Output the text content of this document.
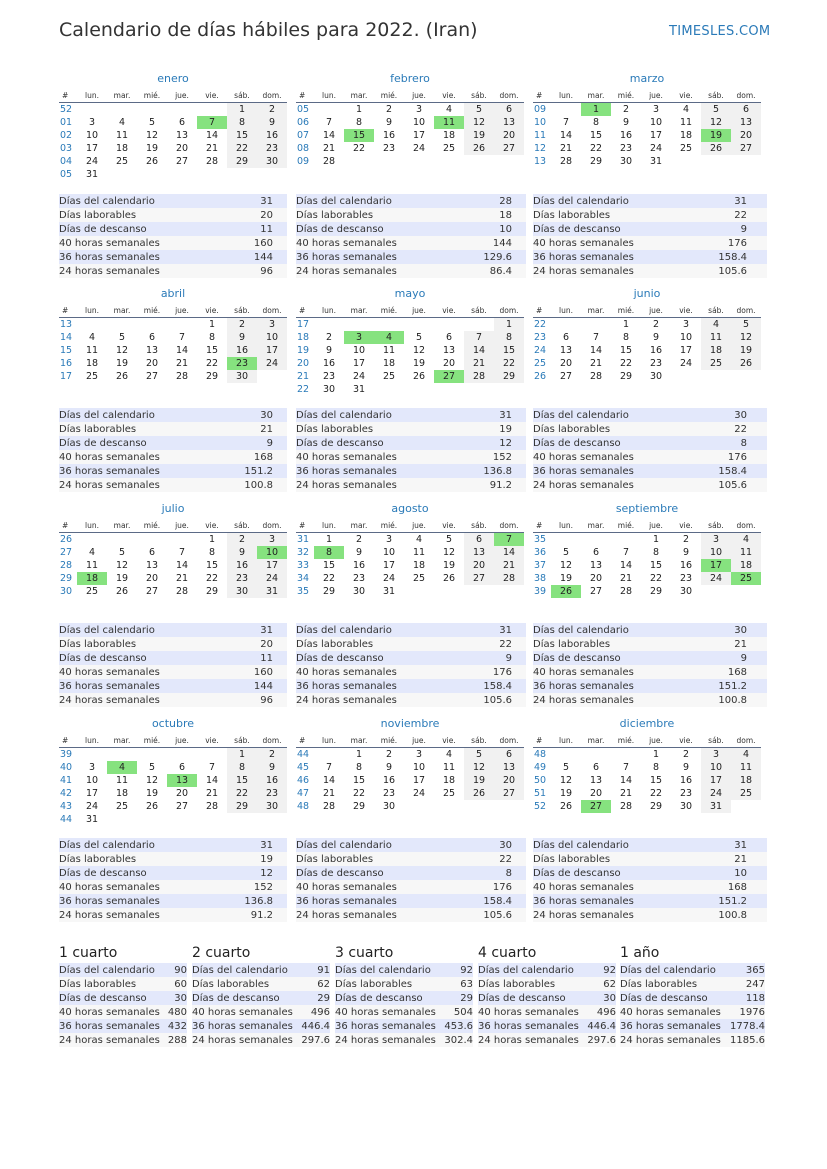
Calendario de días hábiles para 2022. (Iran)	TIMESLES.COM
enero
#	lun.	mar.	mié.	jue.	vie.	sáb.	dom.
52						1	2
01	3	4	5	6	7	8	9
02	10	11	12	13	14	15	16
03	17	18	19	20	21	22	23
04	24	25	26	27	28	29	30
05	31						
Días del calendario	31
Días laborables	20
Días de descanso	11
40 horas semanales	160
36 horas semanales	144
24 horas semanales	96
febrero
#	lun.	mar.	mié.	jue.	vie.	sáb.	dom.
05		1	2	3	4	5	6
06	7	8	9	10	11	12	13
07	14	15	16	17	18	19	20
08	21	22	23	24	25	26	27
09	28						
Días del calendario	28
Días laborables	18
Días de descanso	10
40 horas semanales	144
36 horas semanales	129.6
24 horas semanales	86.4
marzo
#	lun.	mar.	mié.	jue.	vie.	sáb.	dom.
09		1	2	3	4	5	6
10	7	8	9	10	11	12	13
11	14	15	16	17	18	19	20
12	21	22	23	24	25	26	27
13	28	29	30	31			
Días del calendario	31
Días laborables	22
Días de descanso	9
40 horas semanales	176
36 horas semanales	158.4
24 horas semanales	105.6
abril
#	lun.	mar.	mié.	jue.	vie.	sáb.	dom.
13					1	2	3
14	4	5	6	7	8	9	10
15	11	12	13	14	15	16	17
16	18	19	20	21	22	23	24
17	25	26	27	28	29	30	
Días del calendario	30
Días laborables	21
Días de descanso	9
40 horas semanales	168
36 horas semanales	151.2
24 horas semanales	100.8
mayo
#	lun.	mar.	mié.	jue.	vie.	sáb.	dom.
17							1
18	2	3	4	5	6	7	8
19	9	10	11	12	13	14	15
20	16	17	18	19	20	21	22
21	23	24	25	26	27	28	29
22	30	31					
Días del calendario	31
Días laborables	19
Días de descanso	12
40 horas semanales	152
36 horas semanales	136.8
24 horas semanales	91.2
junio
#	lun.	mar.	mié.	jue.	vie.	sáb.	dom.
22			1	2	3	4	5
23	6	7	8	9	10	11	12
24	13	14	15	16	17	18	19
25	20	21	22	23	24	25	26
26	27	28	29	30			
Días del calendario	30
Días laborables	22
Días de descanso	8
40 horas semanales	176
36 horas semanales	158.4
24 horas semanales	105.6
julio
#	lun.	mar.	mié.	jue.	vie.	sáb.	dom.
26					1	2	3
27	4	5	6	7	8	9	10
28	11	12	13	14	15	16	17
29	18	19	20	21	22	23	24
30	25	26	27	28	29	30	31
Días del calendario	31
Días laborables	20
Días de descanso	11
40 horas semanales	160
36 horas semanales	144
24 horas semanales	96
agosto
#	lun.	mar.	mié.	jue.	vie.	sáb.	dom.
31	1	2	3	4	5	6	7
32	8	9	10	11	12	13	14
33	15	16	17	18	19	20	21
34	22	23	24	25	26	27	28
35	29	30	31				
Días del calendario	31
Días laborables	22
Días de descanso	9
40 horas semanales	176
36 horas semanales	158.4
24 horas semanales	105.6
septiembre
#	lun.	mar.	mié.	jue.	vie.	sáb.	dom.
35				1	2	3	4
36	5	6	7	8	9	10	11
37	12	13	14	15	16	17	18
38	19	20	21	22	23	24	25
39	26	27	28	29	30		
Días del calendario	30
Días laborables	21
Días de descanso	9
40 horas semanales	168
36 horas semanales	151.2
24 horas semanales	100.8
octubre
#	lun.	mar.	mié.	jue.	vie.	sáb.	dom.
39						1	2
40	3	4	5	6	7	8	9
41	10	11	12	13	14	15	16
42	17	18	19	20	21	22	23
43	24	25	26	27	28	29	30
44	31						
Días del calendario	31
Días laborables	19
Días de descanso	12
40 horas semanales	152
36 horas semanales	136.8
24 horas semanales	91.2
noviembre
#	lun.	mar.	mié.	jue.	vie.	sáb.	dom.
44		1	2	3	4	5	6
45	7	8	9	10	11	12	13
46	14	15	16	17	18	19	20
47	21	22	23	24	25	26	27
48	28	29	30				
Días del calendario	30
Días laborables	22
Días de descanso	8
40 horas semanales	176
36 horas semanales	158.4
24 horas semanales	105.6
diciembre
#	lun.	mar.	mié.	jue.	vie.	sáb.	dom.
48				1	2	3	4
49	5	6	7	8	9	10	11
50	12	13	14	15	16	17	18
51	19	20	21	22	23	24	25
52	26	27	28	29	30	31	
Días del calendario	31
Días laborables	21
Días de descanso	10
40 horas semanales	168
36 horas semanales	151.2
24 horas semanales	100.8
1 cuarto
Días del calendario	90
Días laborables	60
Días de descanso	30
40 horas semanales	480
36 horas semanales	432
24 horas semanales	288
2 cuarto
Días del calendario	91
Días laborables	62
Días de descanso	29
40 horas semanales	496
36 horas semanales	446.4
24 horas semanales	297.6
3 cuarto
Días del calendario	92
Días laborables	63
Días de descanso	29
40 horas semanales	504
36 horas semanales	453.6
24 horas semanales	302.4
4 cuarto
Días del calendario	92
Días laborables	62
Días de descanso	30
40 horas semanales	496
36 horas semanales	446.4
24 horas semanales	297.6
1 año
Días del calendario	365
Días laborables	247
Días de descanso	118
40 horas semanales	1976
36 horas semanales	1778.4
24 horas semanales	1185.6
